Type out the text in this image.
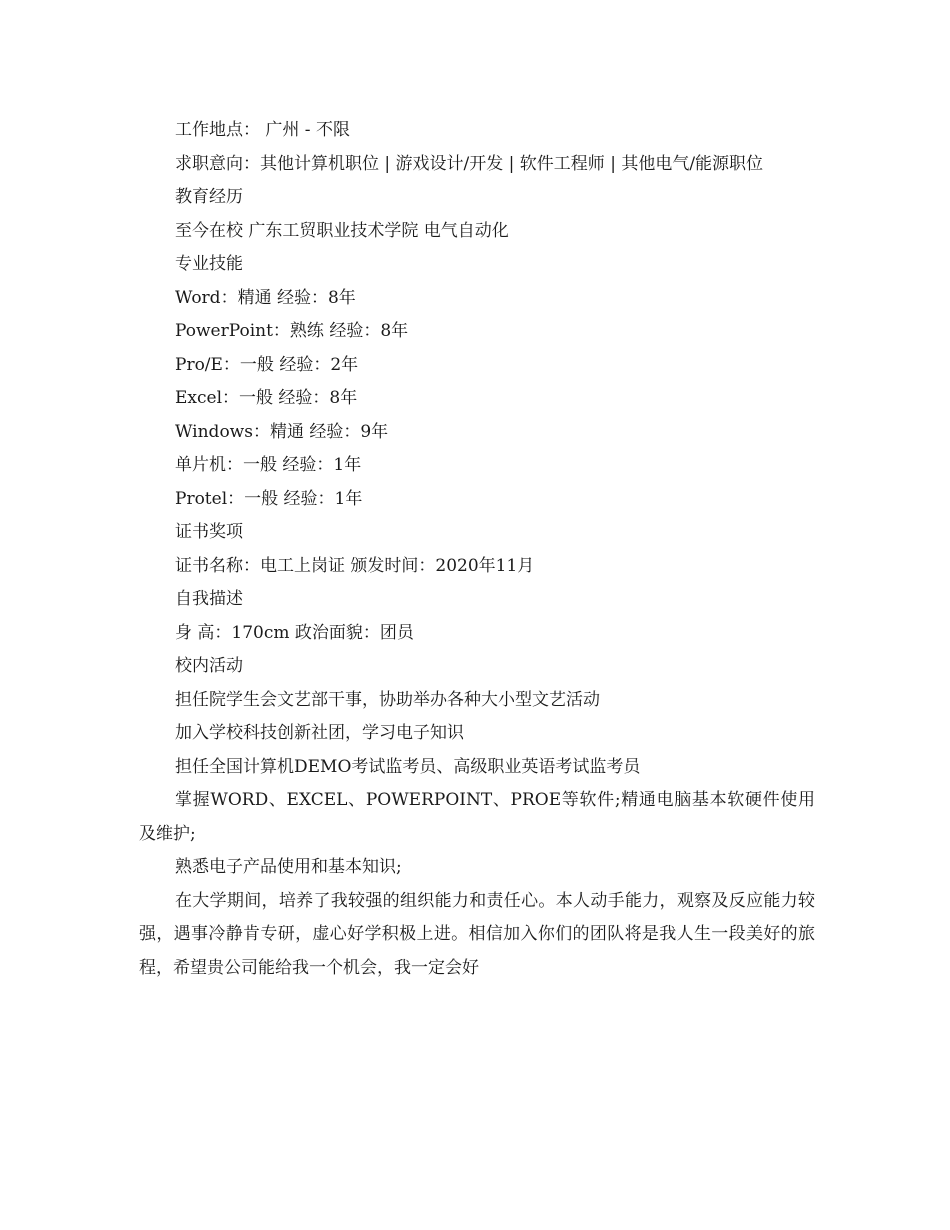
工作地点： 广州 - 不限

求职意向：其他计算机职位 | 游戏设计/开发 | 软件工程师 | 其他电气/能源职位

教育经历

至今在校 广东工贸职业技术学院 电气自动化

专业技能

Word：精通 经验：8年

PowerPoint：熟练 经验：8年

Pro/E：一般 经验：2年

Excel：一般 经验：8年

Windows：精通 经验：9年

单片机：一般 经验：1年

Protel：一般 经验：1年

证书奖项

证书名称：电工上岗证 颁发时间：2020年11月

自我描述

身 高：170cm 政治面貌：团员

校内活动

担任院学生会文艺部干事，协助举办各种大小型文艺活动

加入学校科技创新社团，学习电子知识

担任全国计算机DEMO考试监考员、高级职业英语考试监考员

掌握WORD、EXCEL、POWERPOINT、PROE等软件;精通电脑基本软硬件使用及维护;

熟悉电子产品使用和基本知识;

在大学期间，培养了我较强的组织能力和责任心。本人动手能力，观察及反应能力较强，遇事冷静肯专研，虚心好学积极上进。相信加入你们的团队将是我人生一段美好的旅程，希望贵公司能给我一个机会，我一定会好
